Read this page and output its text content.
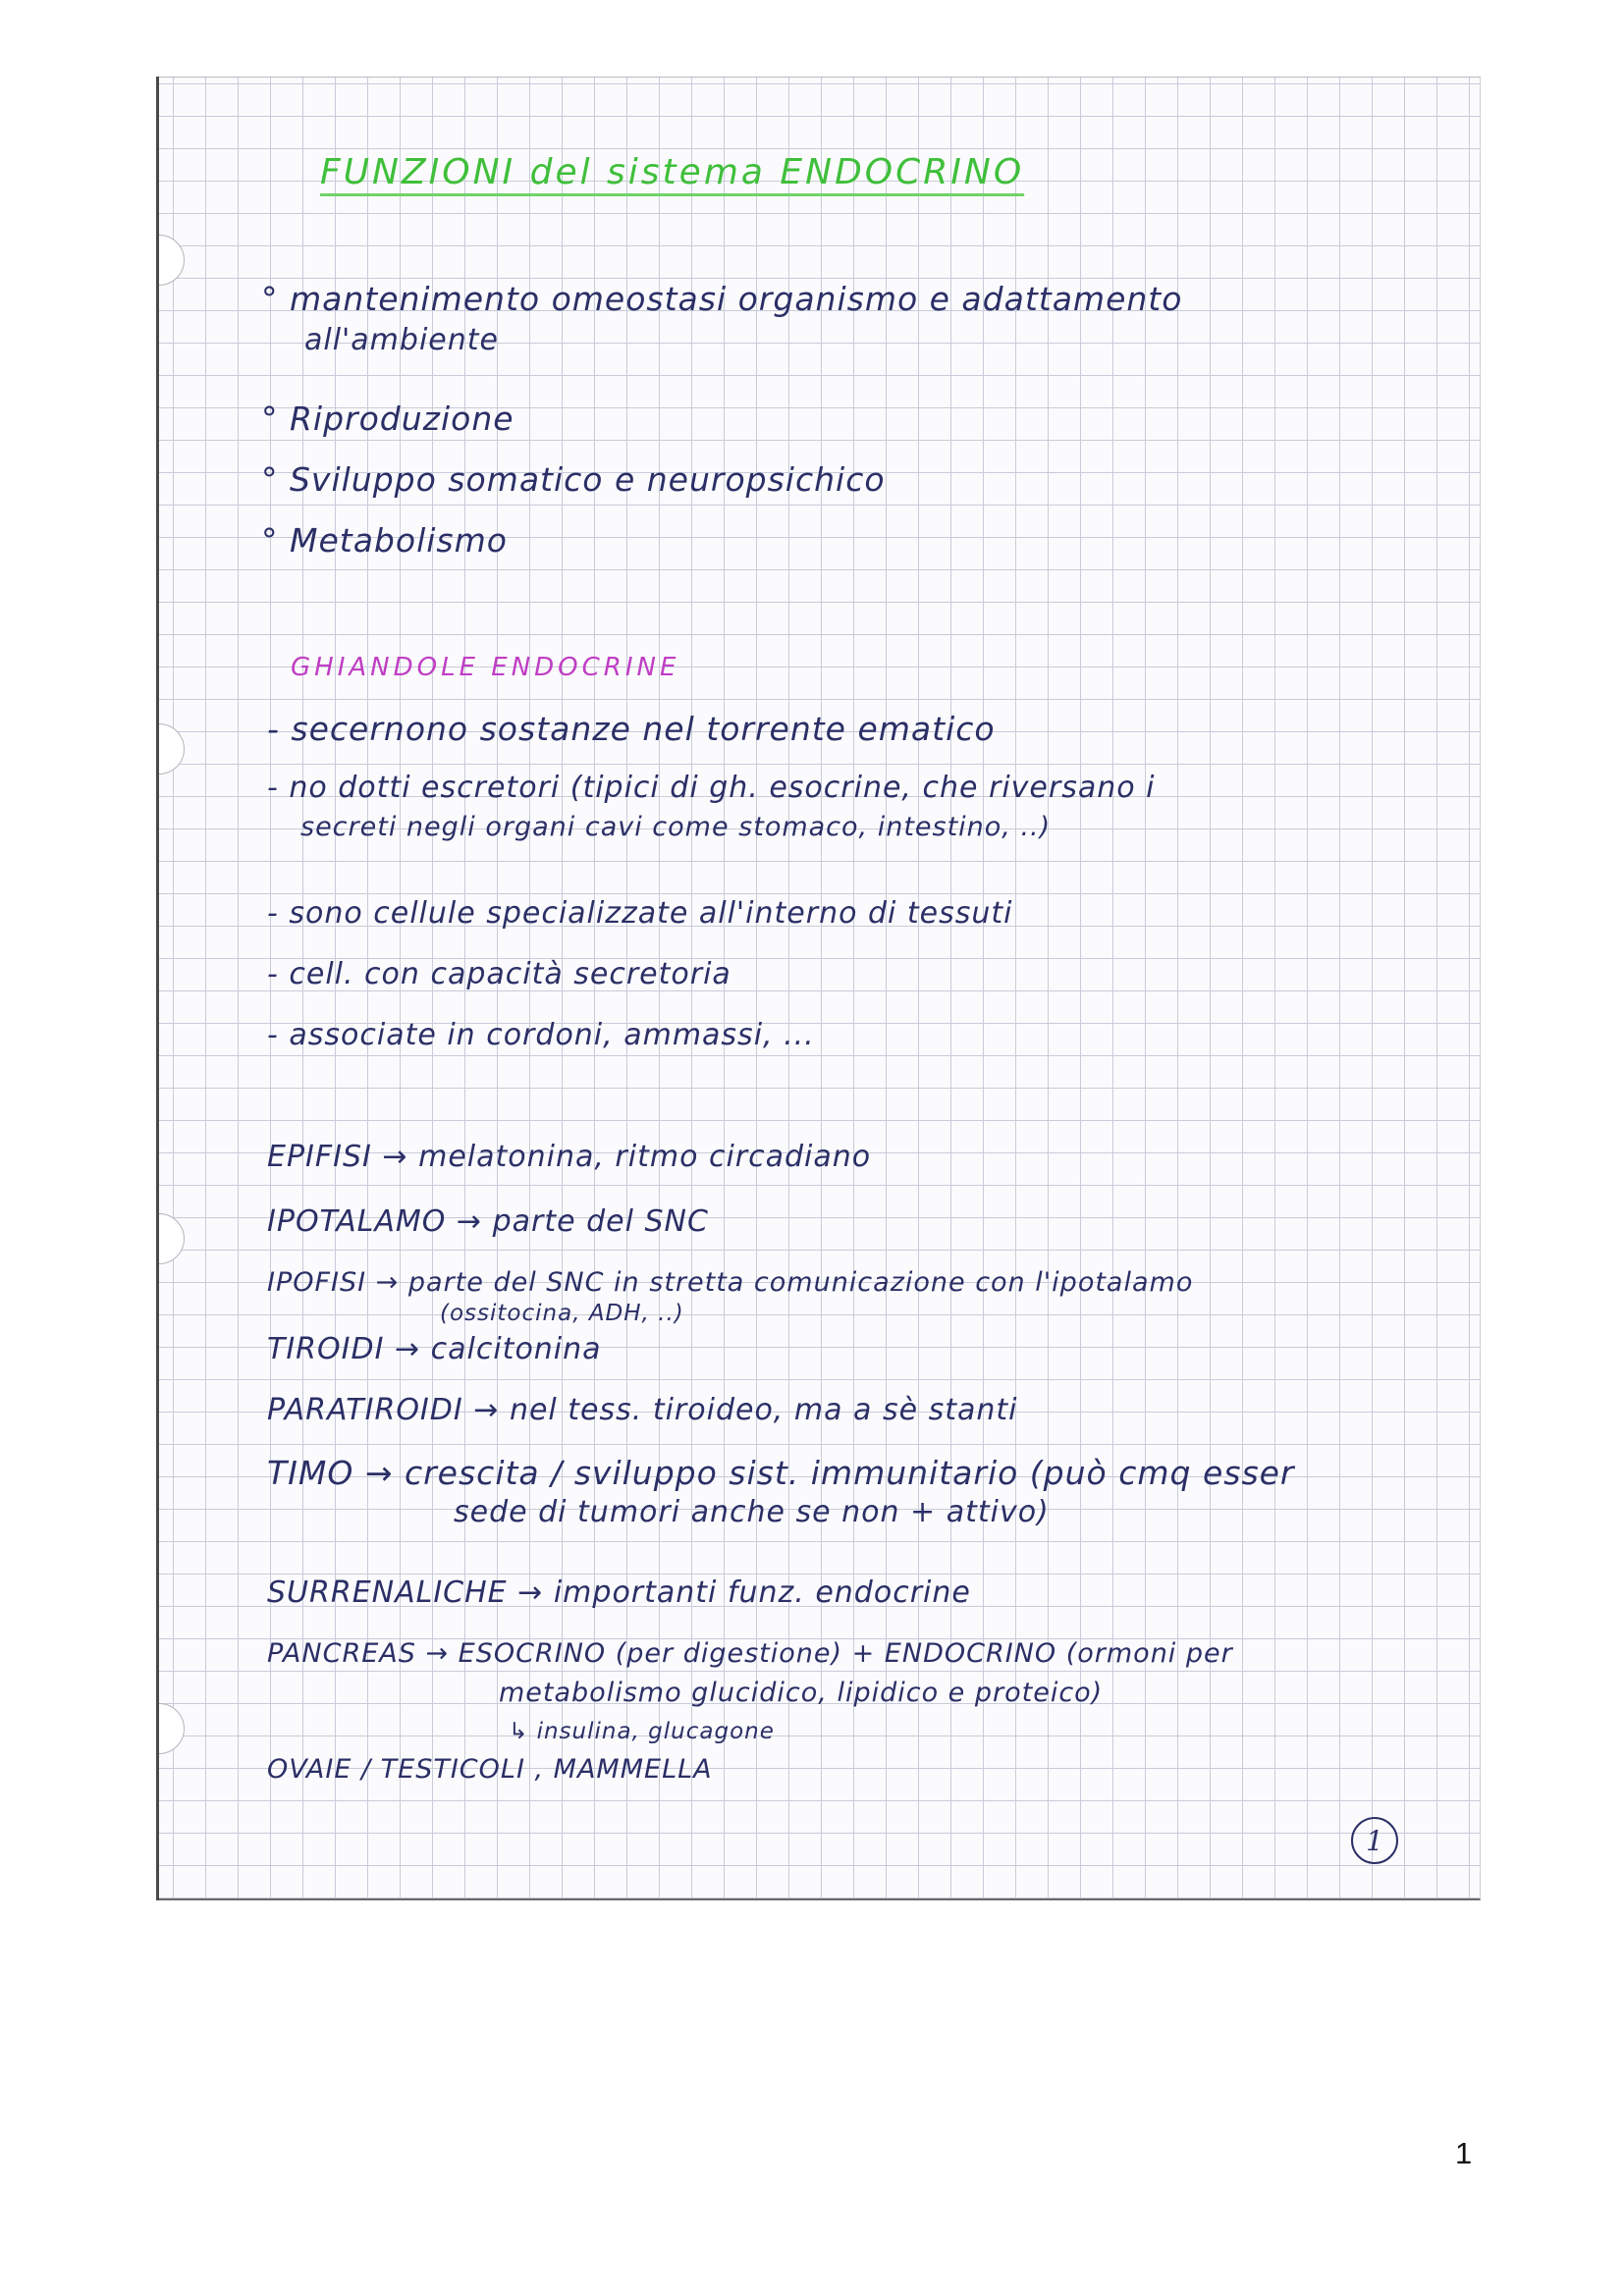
FUNZIONI del sistema ENDOCRINO
° mantenimento omeostasi organismo e adattamento
all'ambiente
° Riproduzione
° Sviluppo somatico e neuropsichico
° Metabolismo
GHIANDOLE ENDOCRINE
- secernono sostanze nel torrente ematico
- no dotti escretori (tipici di gh. esocrine, che riversano i
secreti negli organi cavi come stomaco, intestino, ..)
- sono cellule specializzate all'interno di tessuti
- cell. con capacità secretoria
- associate in cordoni, ammassi, ...
EPIFISI → melatonina, ritmo circadiano
IPOTALAMO → parte del SNC
IPOFISI → parte del SNC in stretta comunicazione con l'ipotalamo
(ossitocina, ADH, ..)
TIROIDI → calcitonina
PARATIROIDI → nel tess. tiroideo, ma a sè stanti
TIMO → crescita / sviluppo sist. immunitario (può cmq esser
sede di tumori anche se non + attivo)
SURRENALICHE → importanti funz. endocrine
PANCREAS → ESOCRINO (per digestione) + ENDOCRINO (ormoni per
metabolismo glucidico, lipidico e proteico)
↳ insulina, glucagone
OVAIE / TESTICOLI , MAMMELLA
1
1
